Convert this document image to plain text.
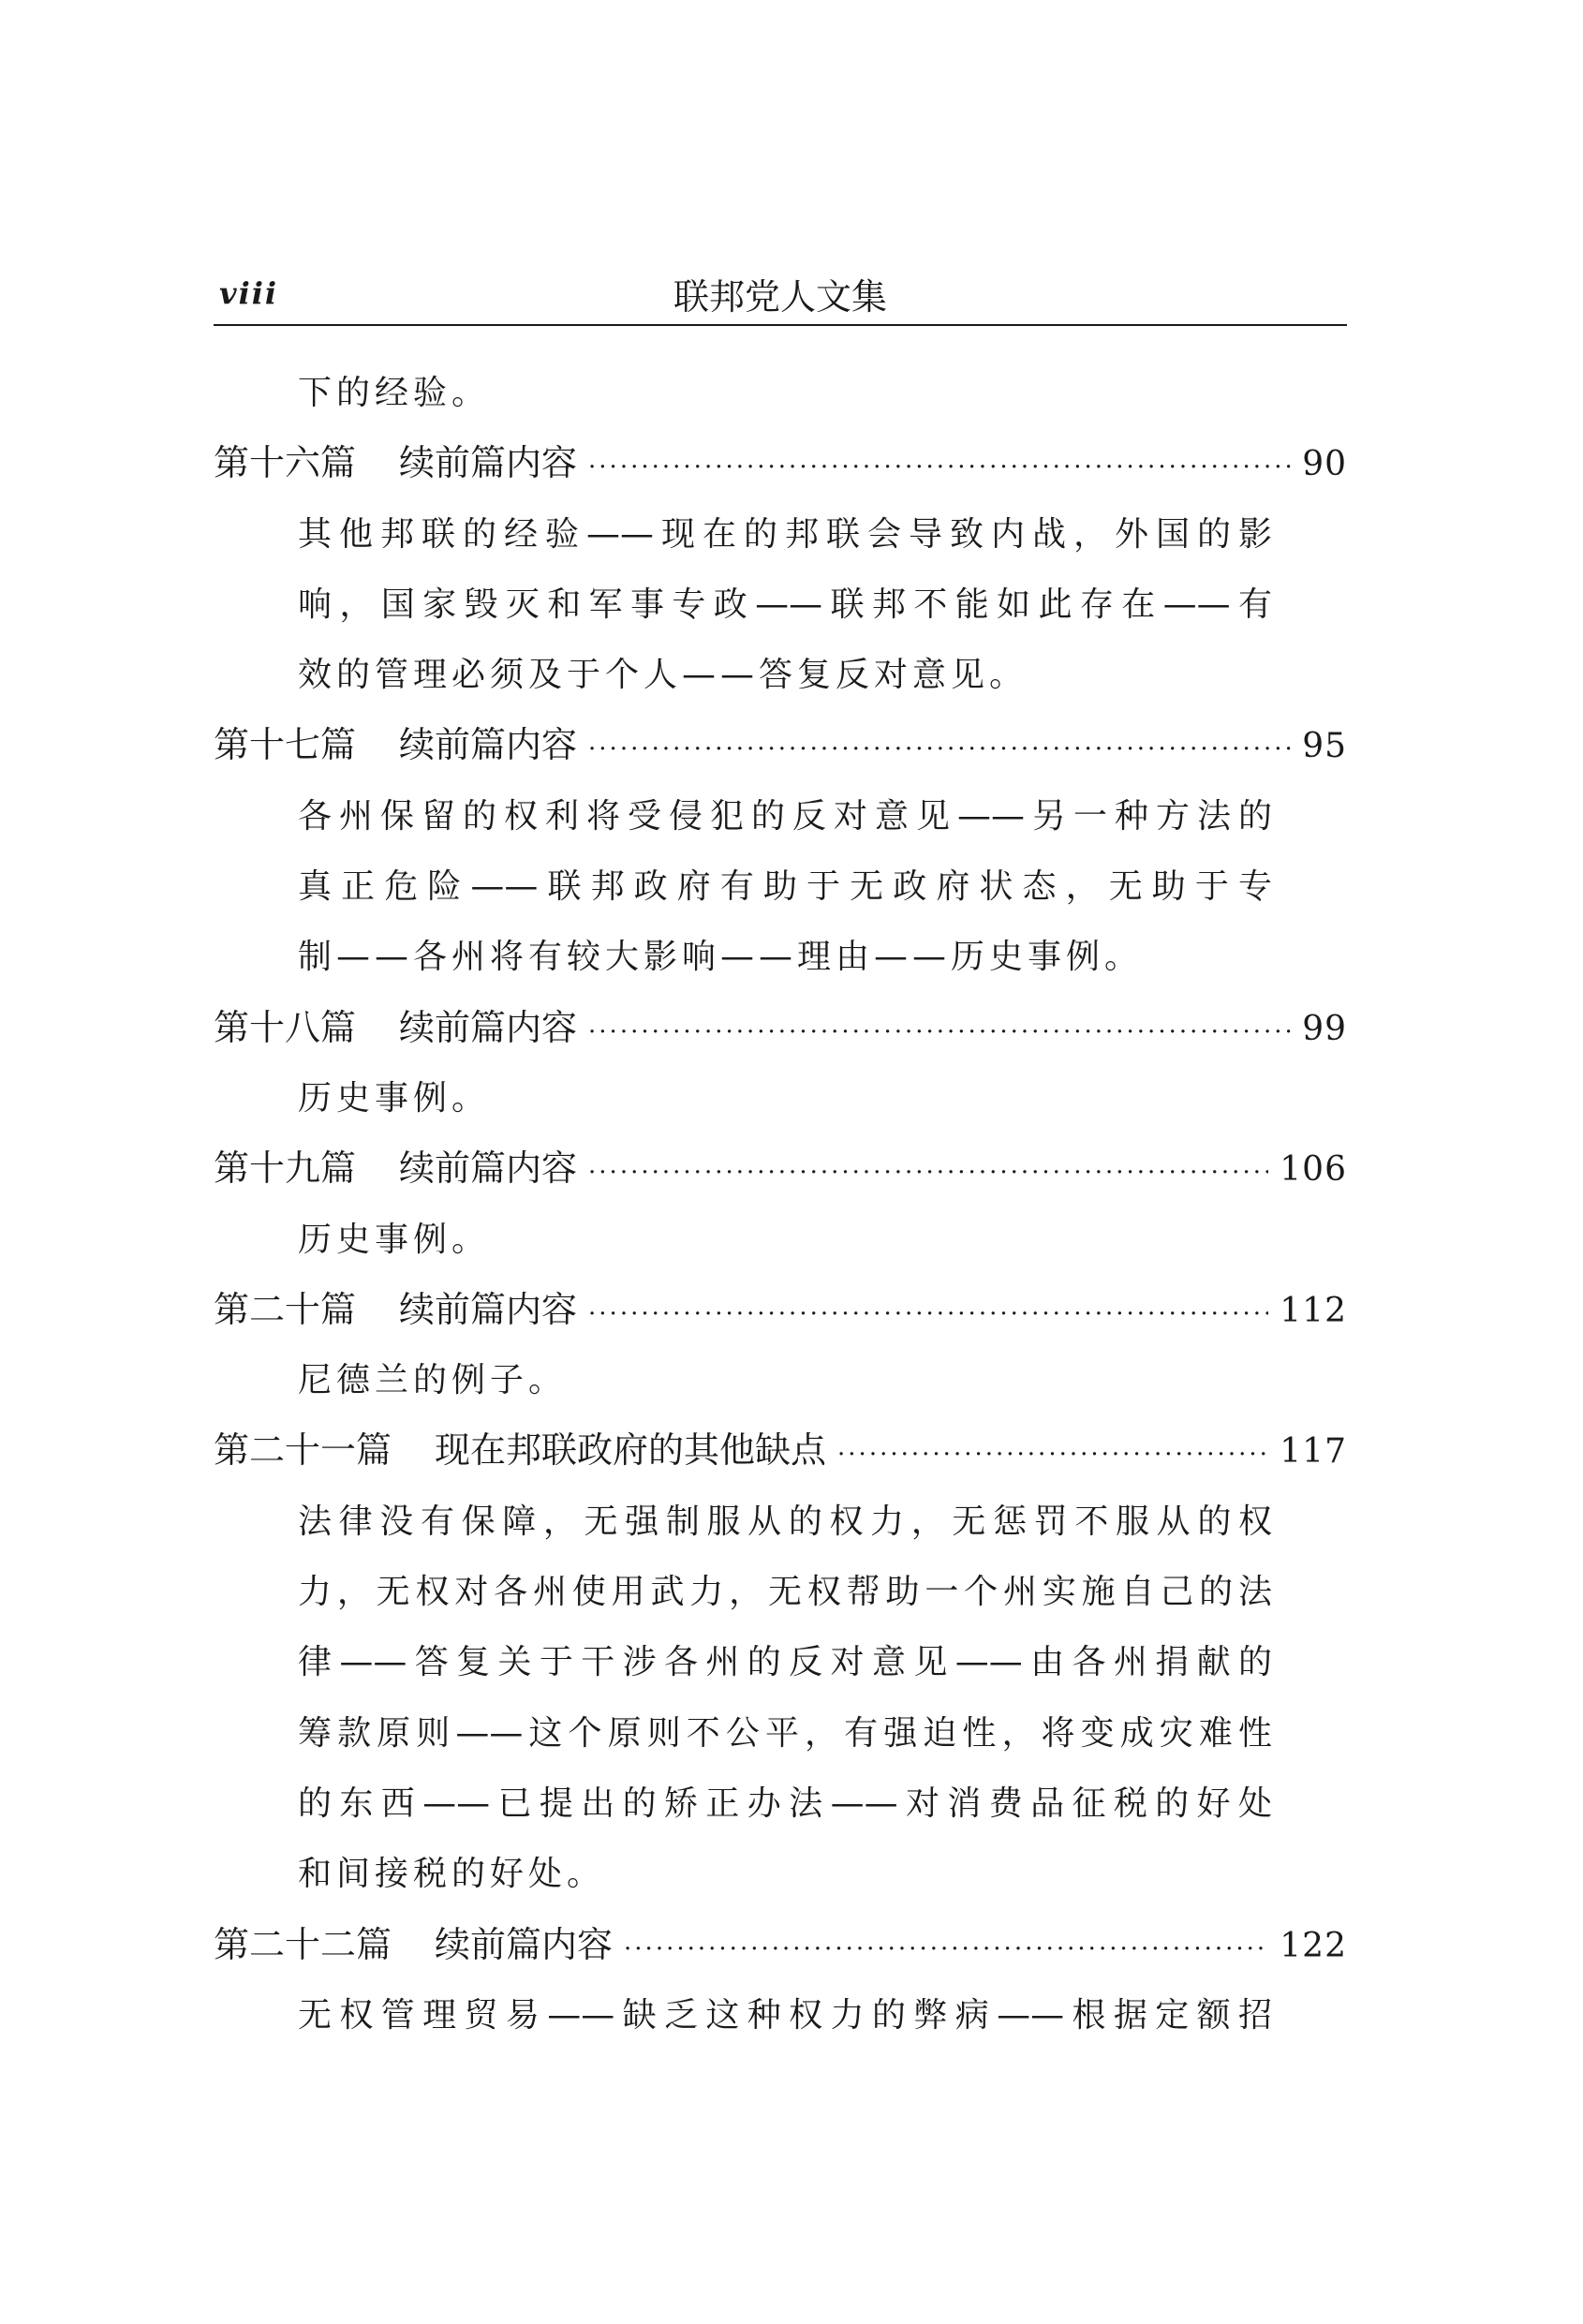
viii	联邦党人文集
下的经验。
第十六篇 续前篇内容 ·····	90
其他邦联的经验——现在的邦联会导致内战，外国的影
响，国家毁灭和军事专政——联邦不能如此存在——有
效的管理必须及于个人——答复反对意见。
第十七篇 续前篇内容 ·····	95
各州保留的权利将受侵犯的反对意见——另一种方法的
真正危险——联邦政府有助于无政府状态，无助于专
制——各州将有较大影响——理由——历史事例。
第十八篇 续前篇内容 ·····	99
历史事例。
第十九篇 续前篇内容 ·····	106
历史事例。
第二十篇 续前篇内容 ·····	112
尼德兰的例子。
第二十一篇 现在邦联政府的其他缺点 ·····	117
法律没有保障，无强制服从的权力，无惩罚不服从的权
力，无权对各州使用武力，无权帮助一个州实施自己的法
律——答复关于干涉各州的反对意见——由各州捐献的
筹款原则——这个原则不公平，有强迫性，将变成灾难性
的东西——已提出的矫正办法——对消费品征税的好处
和间接税的好处。
第二十二篇 续前篇内容 ·····	122
无权管理贸易——缺乏这种权力的弊病——根据定额招
